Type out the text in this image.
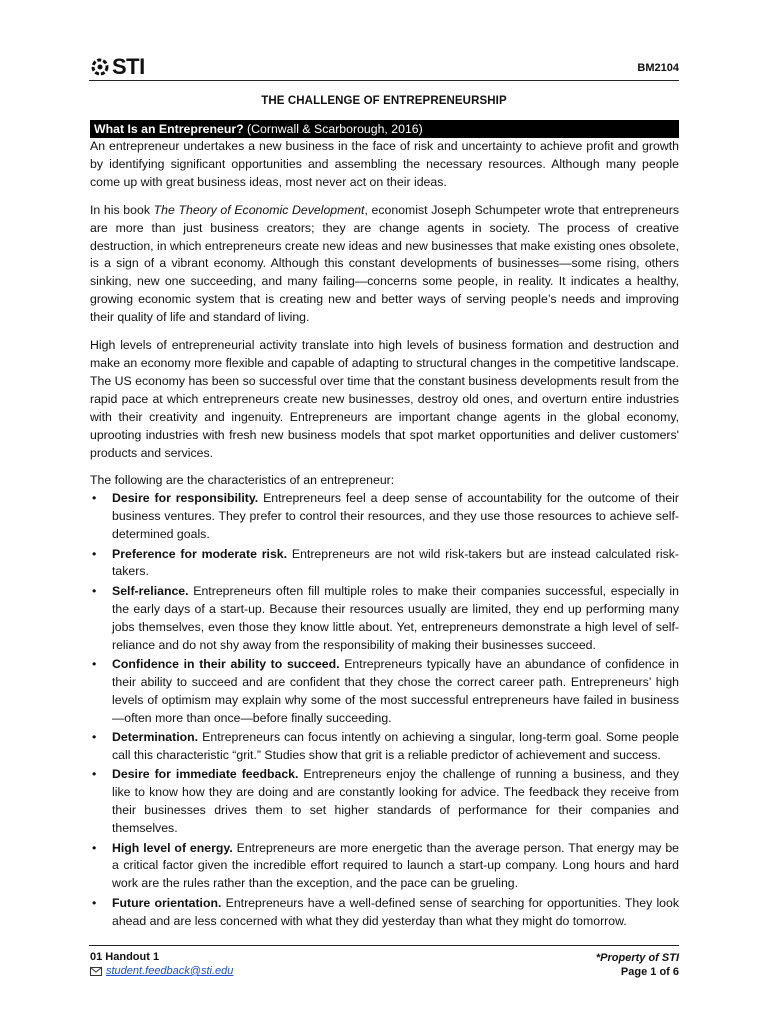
STI	BM2104
THE CHALLENGE OF ENTREPRENEURSHIP
What Is an Entrepreneur? (Cornwall & Scarborough, 2016)

An entrepreneur undertakes a new business in the face of risk and uncertainty to achieve profit and growth by identifying significant opportunities and assembling the necessary resources. Although many people come up with great business ideas, most never act on their ideas.

In his book The Theory of Economic Development, economist Joseph Schumpeter wrote that entrepreneurs are more than just business creators; they are change agents in society. The process of creative destruction, in which entrepreneurs create new ideas and new businesses that make existing ones obsolete, is a sign of a vibrant economy. Although this constant developments of businesses—some rising, others sinking, new one succeeding, and many failing—concerns some people, in reality. It indicates a healthy, growing economic system that is creating new and better ways of serving people’s needs and improving their quality of life and standard of living.

High levels of entrepreneurial activity translate into high levels of business formation and destruction and make an economy more flexible and capable of adapting to structural changes in the competitive landscape. The US economy has been so successful over time that the constant business developments result from the rapid pace at which entrepreneurs create new businesses, destroy old ones, and overturn entire industries with their creativity and ingenuity. Entrepreneurs are important change agents in the global economy, uprooting industries with fresh new business models that spot market opportunities and deliver customers' products and services.

The following are the characteristics of an entrepreneur:
• Desire for responsibility. Entrepreneurs feel a deep sense of accountability for the outcome of their business ventures. They prefer to control their resources, and they use those resources to achieve self-determined goals.
• Preference for moderate risk. Entrepreneurs are not wild risk-takers but are instead calculated risk-takers.
• Self-reliance. Entrepreneurs often fill multiple roles to make their companies successful, especially in the early days of a start-up. Because their resources usually are limited, they end up performing many jobs themselves, even those they know little about. Yet, entrepreneurs demonstrate a high level of self-reliance and do not shy away from the responsibility of making their businesses succeed.
• Confidence in their ability to succeed. Entrepreneurs typically have an abundance of confidence in their ability to succeed and are confident that they chose the correct career path. Entrepreneurs’ high levels of optimism may explain why some of the most successful entrepreneurs have failed in business—often more than once—before finally succeeding.
• Determination. Entrepreneurs can focus intently on achieving a singular, long-term goal. Some people call this characteristic “grit.” Studies show that grit is a reliable predictor of achievement and success.
• Desire for immediate feedback. Entrepreneurs enjoy the challenge of running a business, and they like to know how they are doing and are constantly looking for advice. The feedback they receive from their businesses drives them to set higher standards of performance for their companies and themselves.
• High level of energy. Entrepreneurs are more energetic than the average person. That energy may be a critical factor given the incredible effort required to launch a start-up company. Long hours and hard work are the rules rather than the exception, and the pace can be grueling.
• Future orientation. Entrepreneurs have a well-defined sense of searching for opportunities. They look ahead and are less concerned with what they did yesterday than what they might do tomorrow.
01 Handout 1
student.feedback@sti.edu
*Property of STI
Page 1 of 6
